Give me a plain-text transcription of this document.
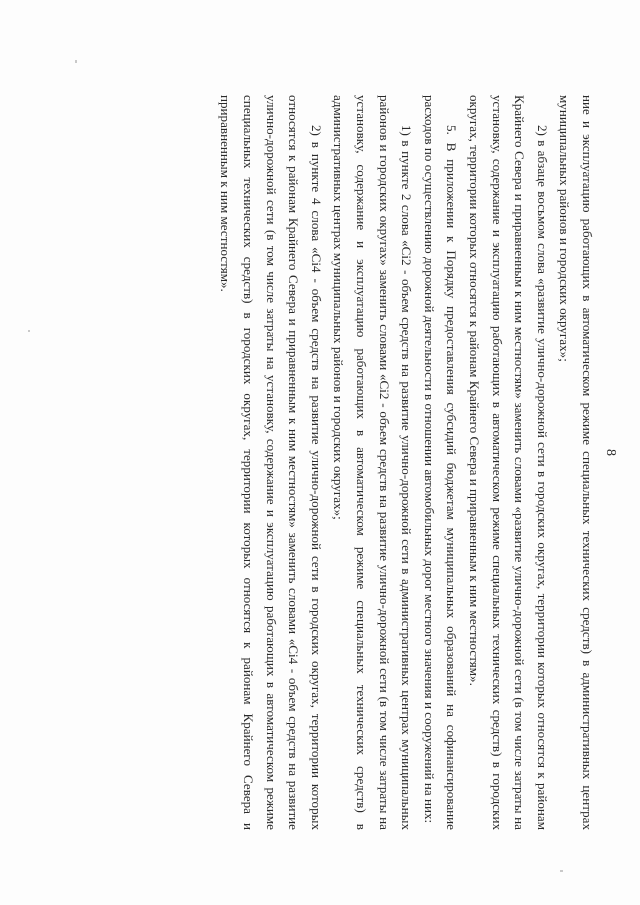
8

ние и эксплуатацию работающих в автоматическом режиме специальных технических средств) в административных центрах муниципальных районов и городских округах»;

2) в абзаце восьмом слова «развитие улично-дорожной сети в городских округах, территории которых относятся к районам Крайнего Севера и приравненным к ним местностям» заменить словами «развитие улично-дорожной сети (в том числе затраты на установку, содержание и эксплуатацию работающих в автоматическом режиме специальных технических средств) в городских округах, территории которых относятся к районам Крайнего Севера и приравненным к ним местностям».

5. В приложении к Порядку предоставления субсидий бюджетам муниципальных образований на софинансирование расходов по осуществлению дорожной деятельности в отношении автомобильных дорог местного значения и сооружений на них:

1) в пункте 2 слова «Ci2 - объем средств на развитие улично-дорожной сети в административных центрах муниципальных районов и городских округах» заменить словами «Ci2 - объем средств на развитие улично-дорожной сети (в том числе затраты на установку, содержание и эксплуатацию работающих в автоматическом режиме специальных технических средств) в административных центрах муниципальных районов и городских округах»;

2) в пункте 4 слова «Ci4 - объем средств на развитие улично-дорожной сети в городских округах, территории которых относятся к районам Крайнего Севера и приравненным к ним местностям» заменить словами «Ci4 - объем средств на развитие улично-дорожной сети (в том числе затраты на установку, содержание и эксплуатацию работающих в автоматическом режиме специальных технических средств) в городских округах, территории которых относятся к районам Крайнего Севера и приравненным к ним местностям».
